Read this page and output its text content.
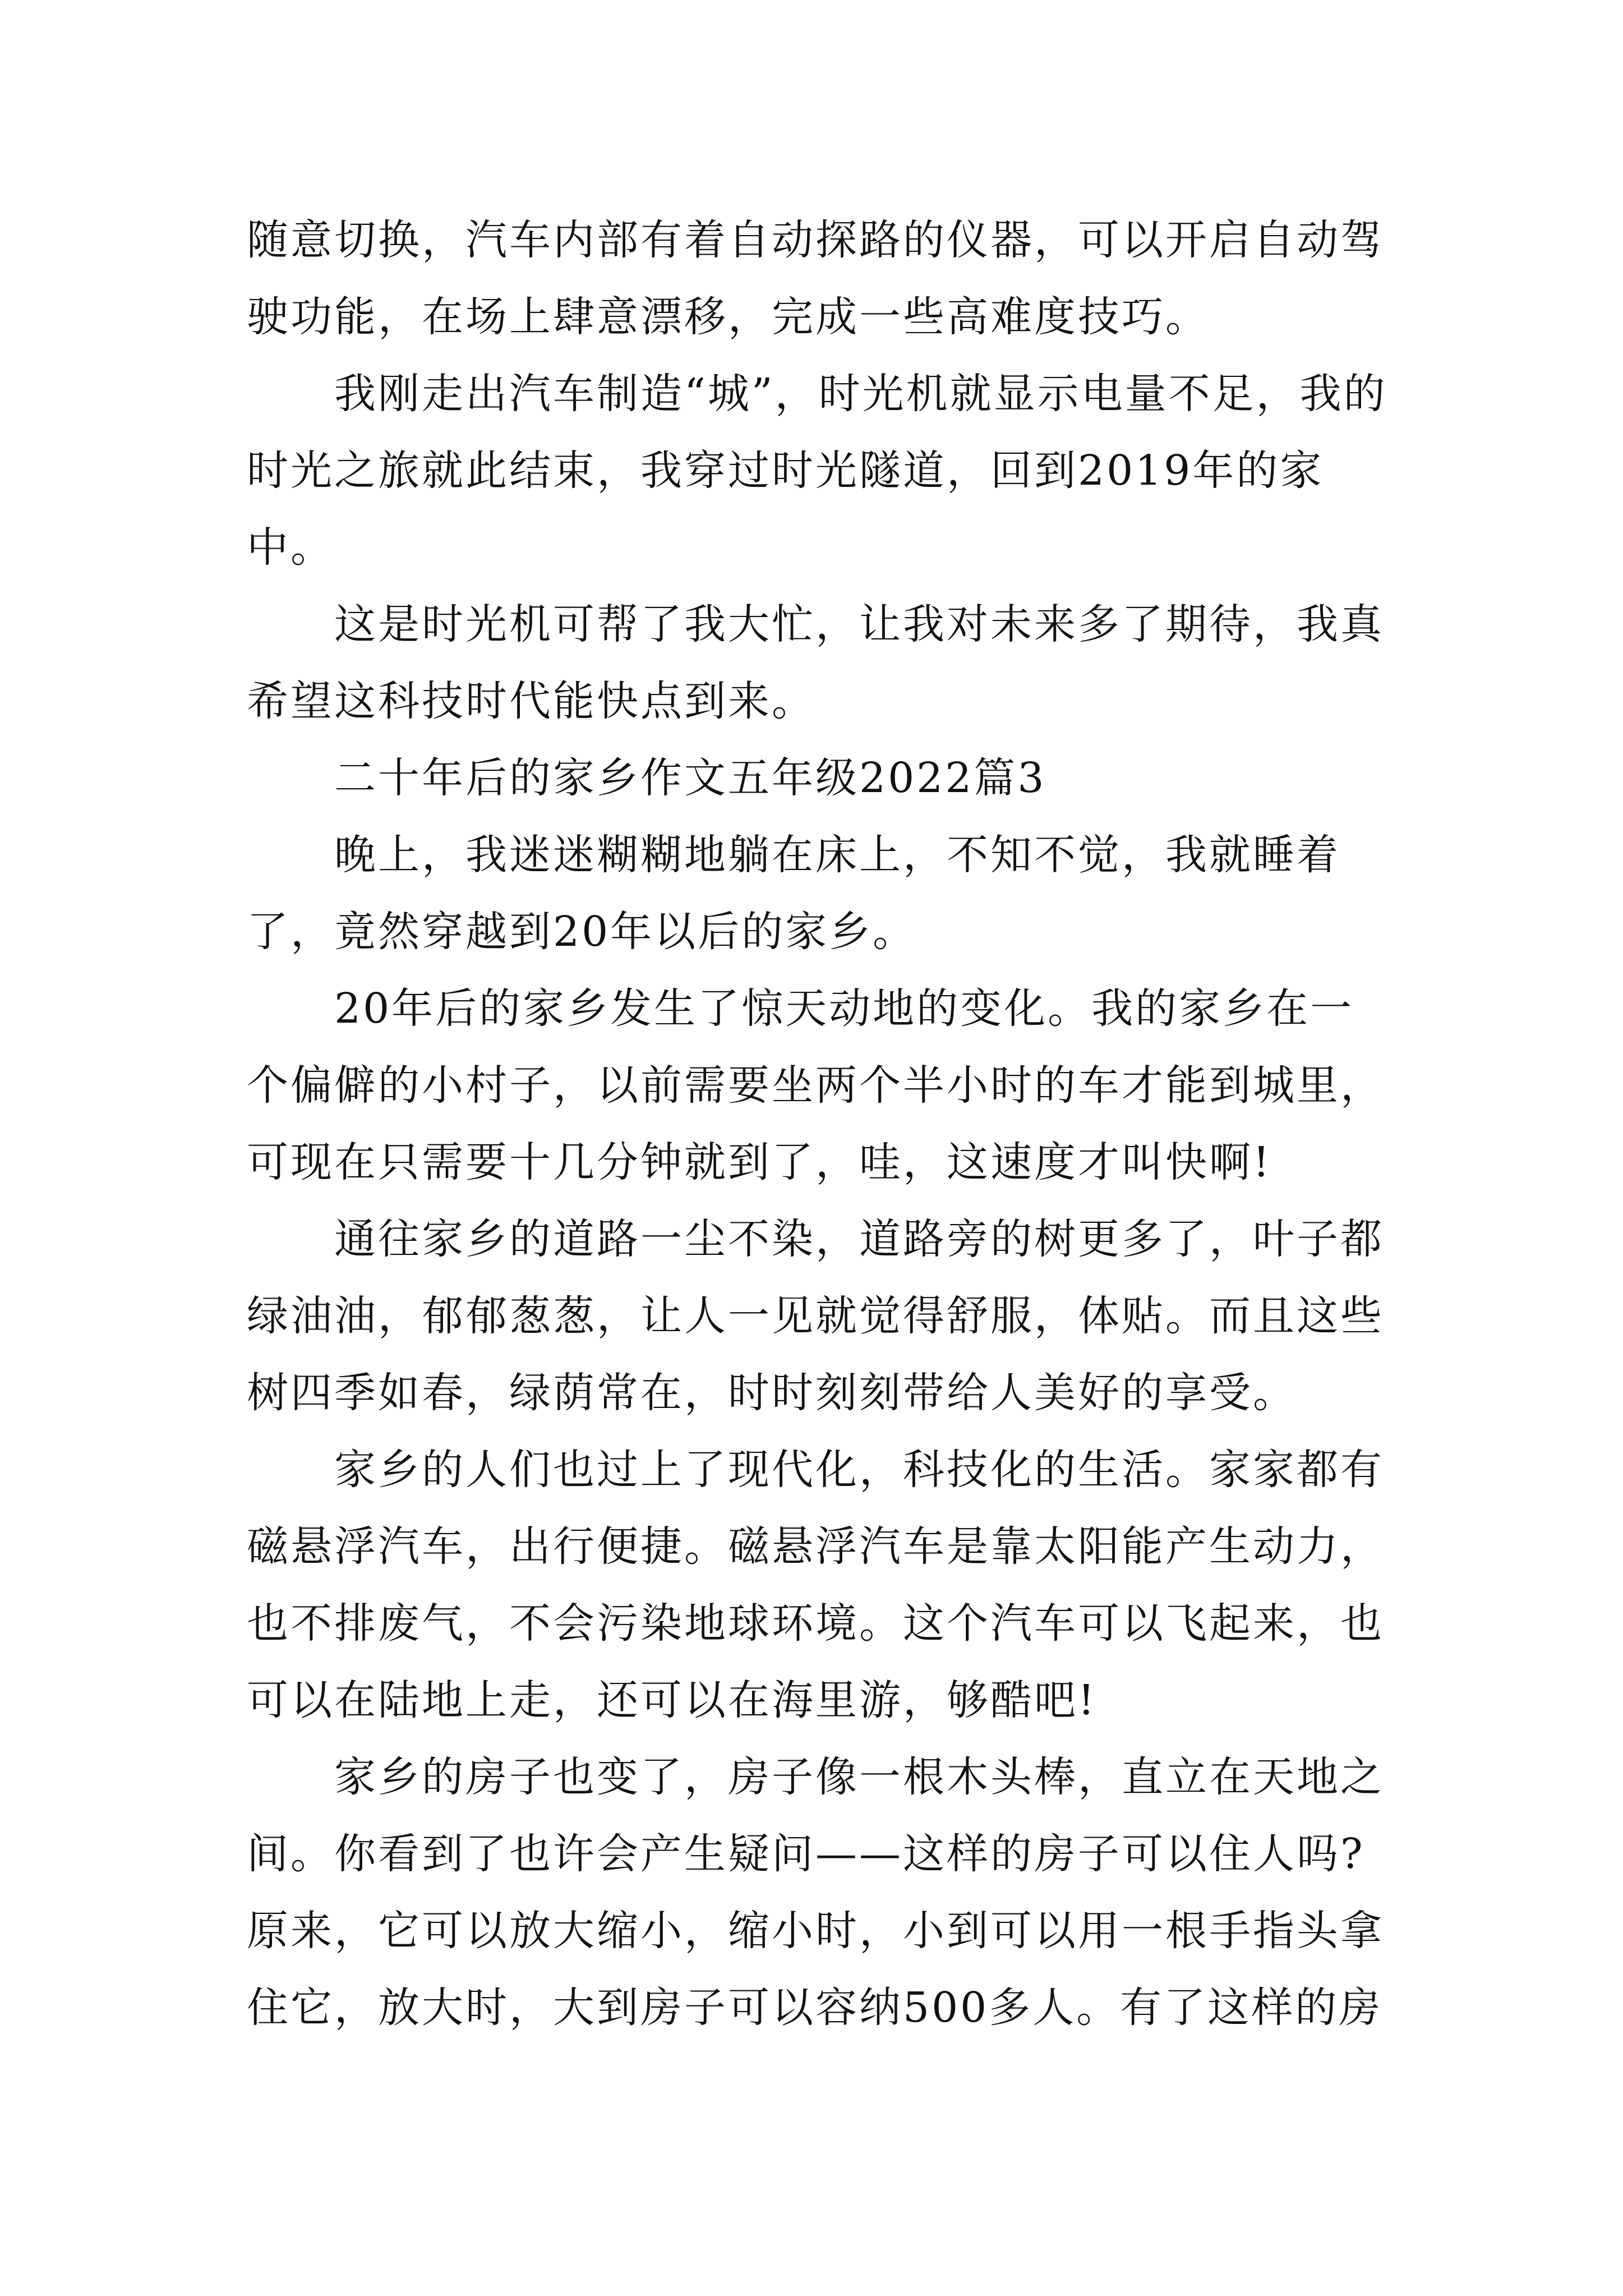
随意切换，汽车内部有着自动探路的仪器，可以开启自动驾驶功能，在场上肆意漂移，完成一些高难度技巧。

我刚走出汽车制造“城”，时光机就显示电量不足，我的时光之旅就此结束，我穿过时光隧道，回到2019年的家中。

这是时光机可帮了我大忙，让我对未来多了期待，我真希望这科技时代能快点到来。

二十年后的家乡作文五年级2022篇3

晚上，我迷迷糊糊地躺在床上，不知不觉，我就睡着了，竟然穿越到20年以后的家乡。

20年后的家乡发生了惊天动地的变化。我的家乡在一个偏僻的小村子，以前需要坐两个半小时的车才能到城里，可现在只需要十几分钟就到了，哇，这速度才叫快啊!

通往家乡的道路一尘不染，道路旁的树更多了，叶子都绿油油，郁郁葱葱，让人一见就觉得舒服，体贴。而且这些树四季如春，绿荫常在，时时刻刻带给人美好的享受。

家乡的人们也过上了现代化，科技化的生活。家家都有磁悬浮汽车，出行便捷。磁悬浮汽车是靠太阳能产生动力，也不排废气，不会污染地球环境。这个汽车可以飞起来，也可以在陆地上走，还可以在海里游，够酷吧!

家乡的房子也变了，房子像一根木头棒，直立在天地之间。你看到了也许会产生疑问——这样的房子可以住人吗?原来，它可以放大缩小，缩小时，小到可以用一根手指头拿住它，放大时，大到房子可以容纳500多人。有了这样的房
